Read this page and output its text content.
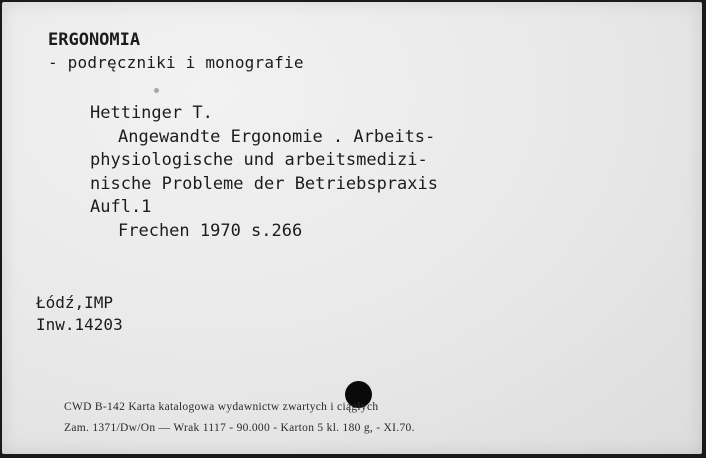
ERGONOMIA
- podręczniki i monografie
Hettinger T.
Angewandte Ergonomie . Arbeits-
physiologische und arbeitsmedizi-
nische Probleme der Betriebspraxis
Aufl.1
Frechen 1970 s.266
Łódź,IMP
Inw.14203
CWD B-142 Karta katalogowa wydawnictw zwartych i ciągłych
Zam. 1371/Dw/On — Wrak 1117 - 90.000 - Karton 5 kl. 180 g, - XI.70.
